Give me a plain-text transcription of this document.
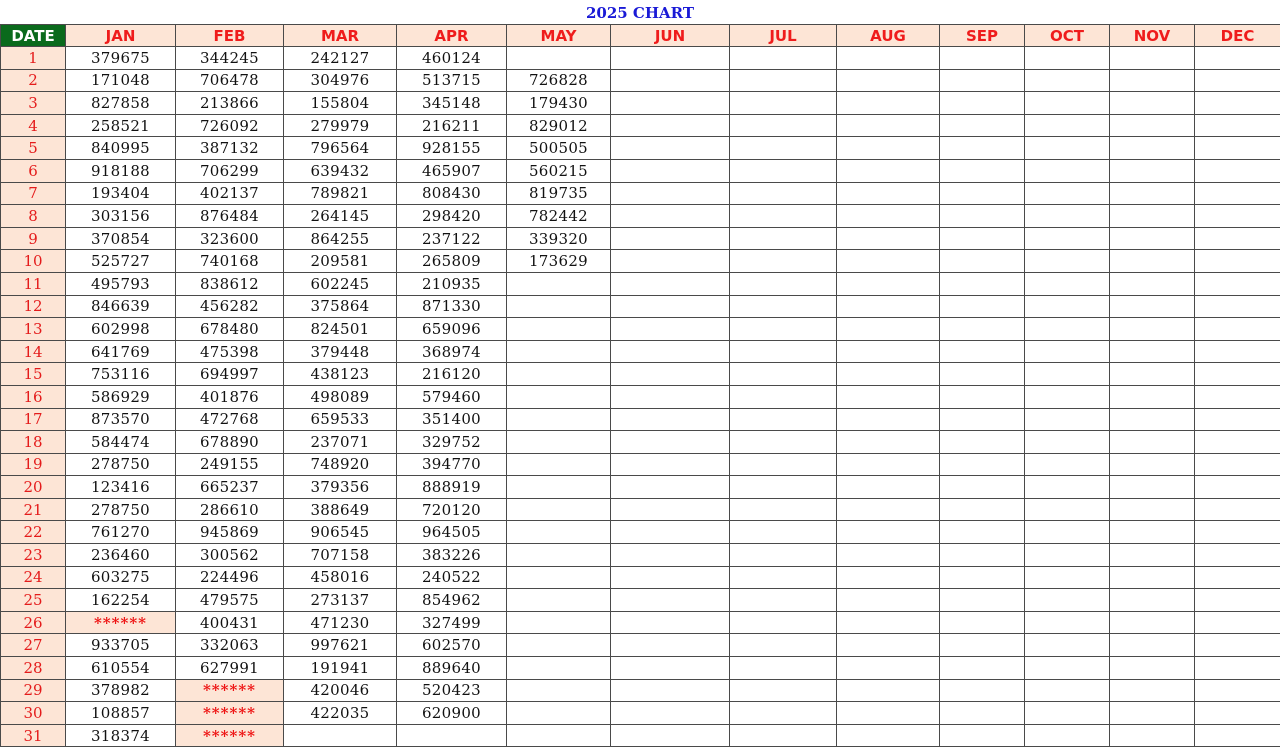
2025 CHART
DATE	JAN	FEB	MAR	APR	MAY	JUN	JUL	AUG	SEP	OCT	NOV	DEC
1	379675	344245	242127	460124								
2	171048	706478	304976	513715	726828							
3	827858	213866	155804	345148	179430							
4	258521	726092	279979	216211	829012							
5	840995	387132	796564	928155	500505							
6	918188	706299	639432	465907	560215							
7	193404	402137	789821	808430	819735							
8	303156	876484	264145	298420	782442							
9	370854	323600	864255	237122	339320							
10	525727	740168	209581	265809	173629							
11	495793	838612	602245	210935								
12	846639	456282	375864	871330								
13	602998	678480	824501	659096								
14	641769	475398	379448	368974								
15	753116	694997	438123	216120								
16	586929	401876	498089	579460								
17	873570	472768	659533	351400								
18	584474	678890	237071	329752								
19	278750	249155	748920	394770								
20	123416	665237	379356	888919								
21	278750	286610	388649	720120								
22	761270	945869	906545	964505								
23	236460	300562	707158	383226								
24	603275	224496	458016	240522								
25	162254	479575	273137	854962								
26	******	400431	471230	327499								
27	933705	332063	997621	602570								
28	610554	627991	191941	889640								
29	378982	******	420046	520423								
30	108857	******	422035	620900								
31	318374	******										
